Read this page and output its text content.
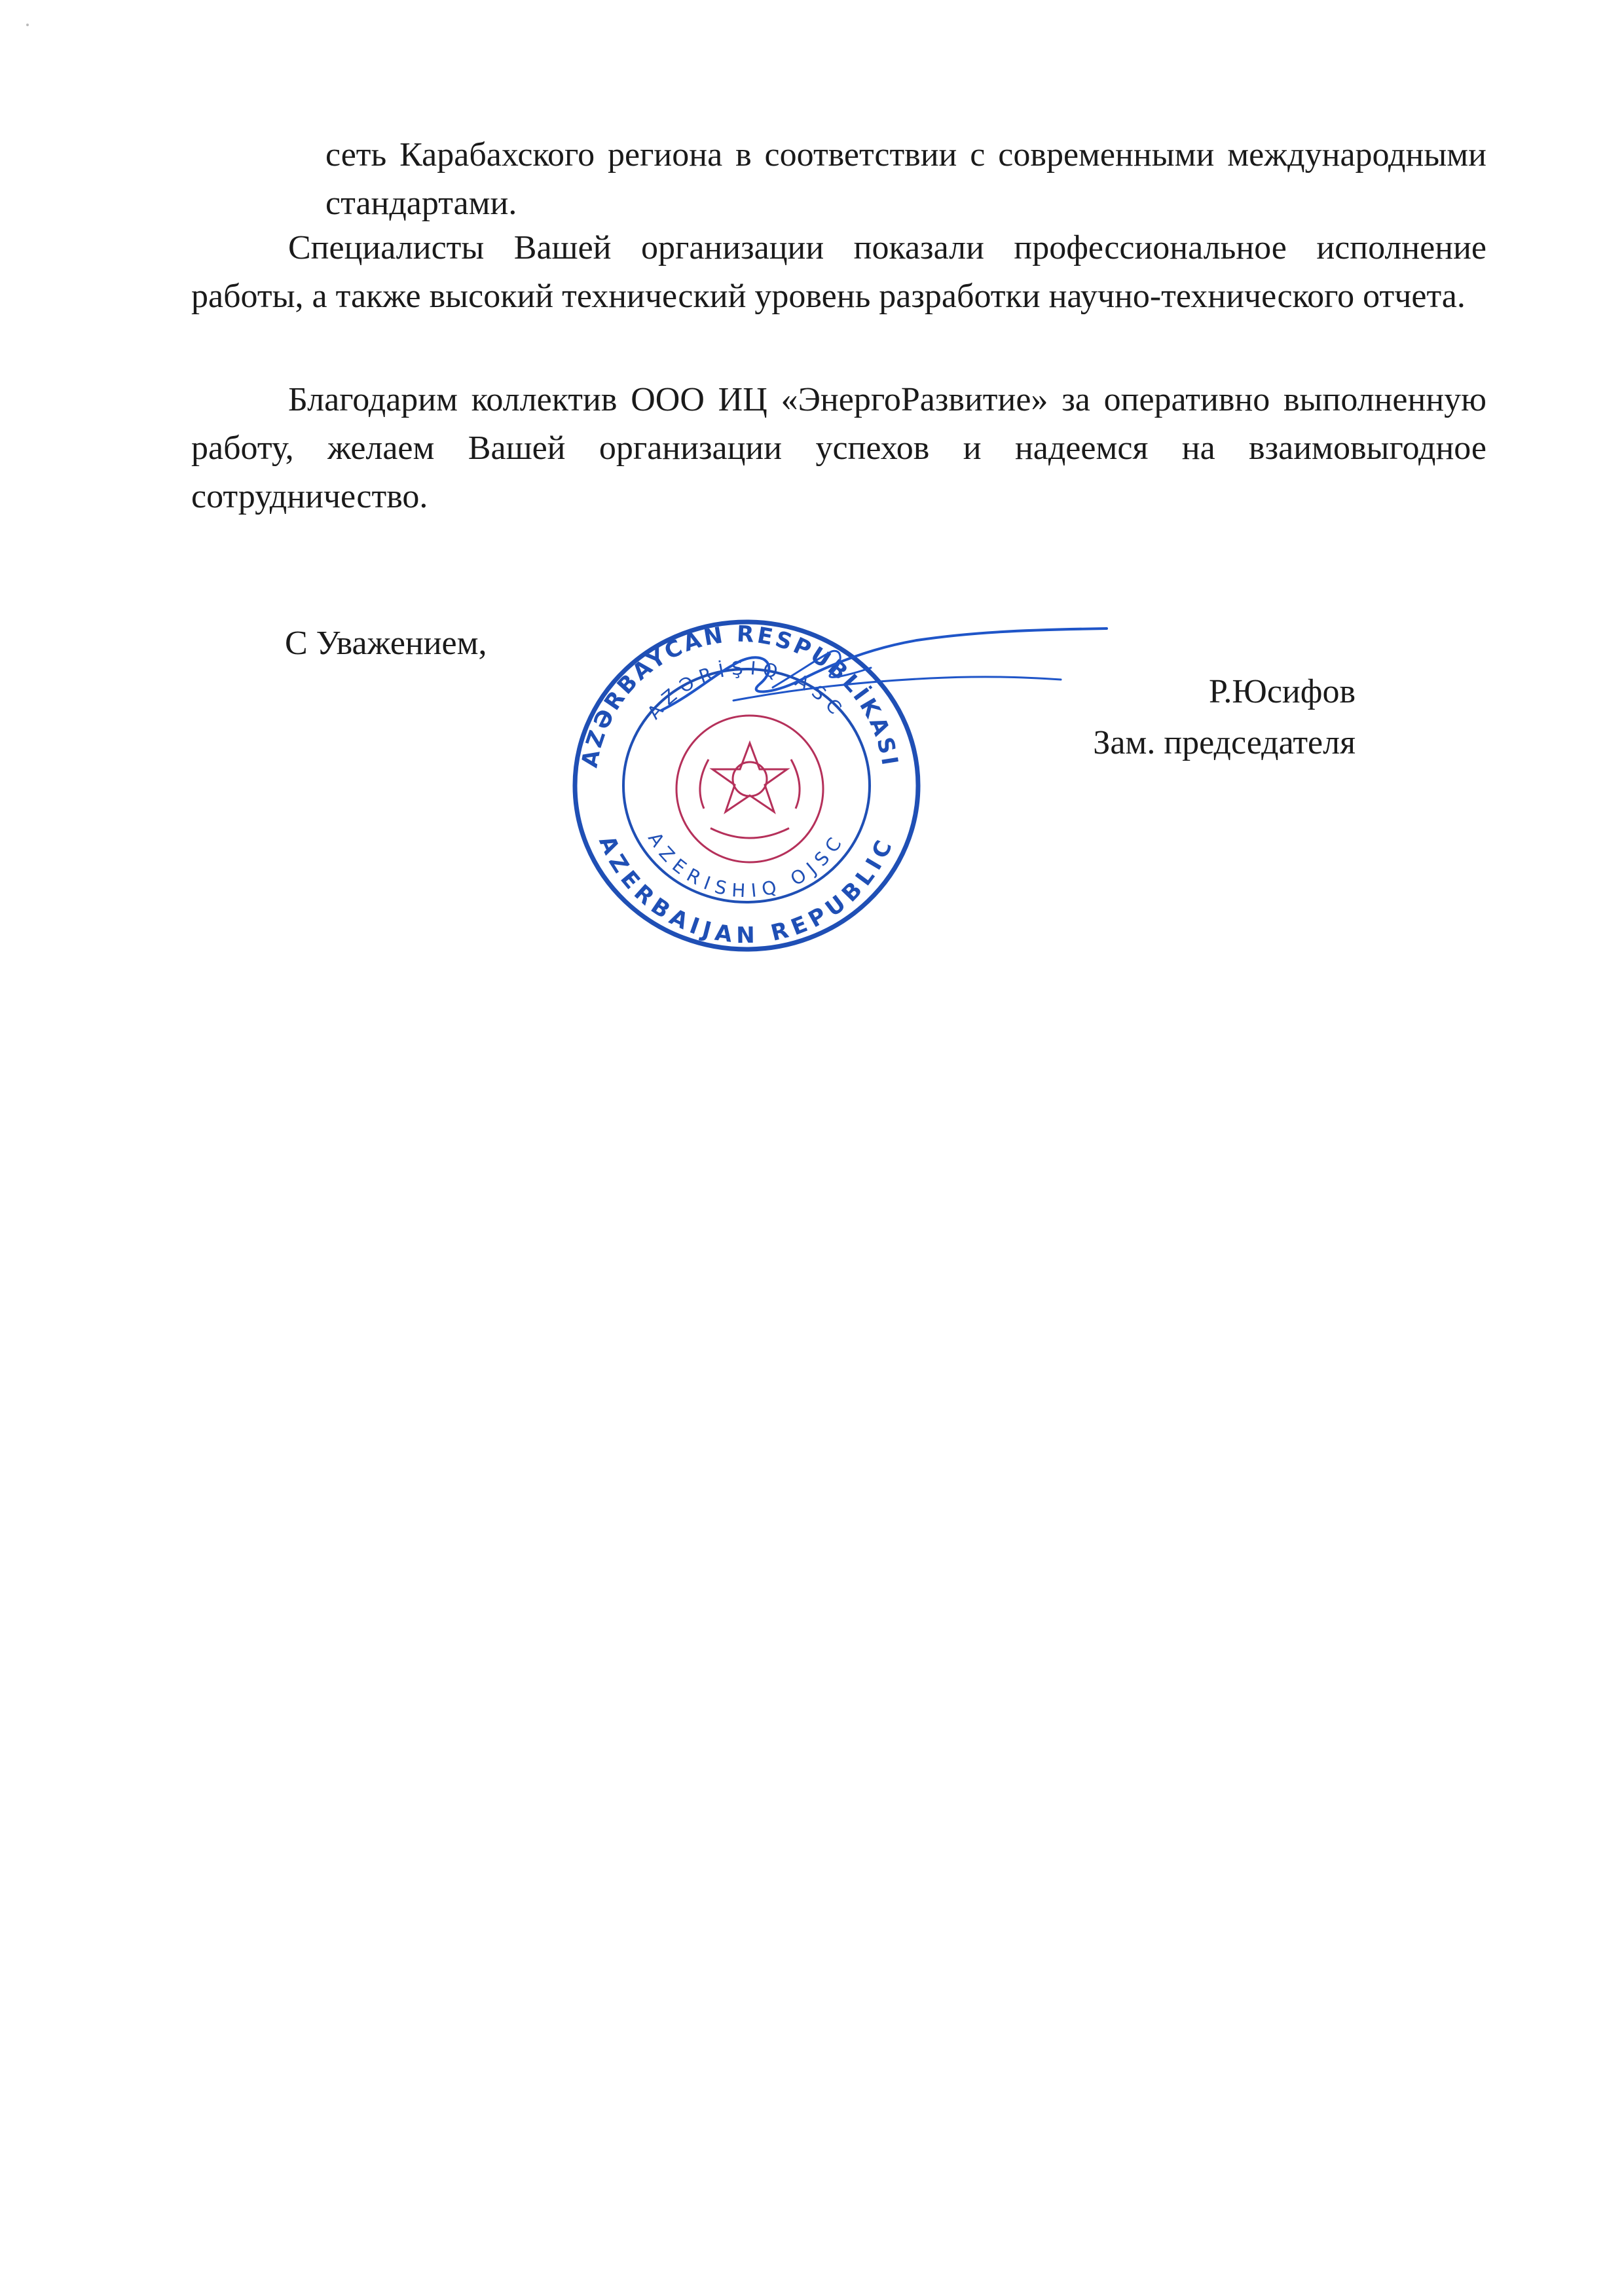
сеть Карабахского региона в соответствии с современными международными стандартами.

Специалисты Вашей организации показали профессиональное исполнение работы, а также высокий технический уровень разработки научно-технического отчета.

Благодарим коллектив ООО ИЦ «ЭнергоРазвитие» за оперативно выполненную работу, желаем Вашей организации успехов и надеемся на взаимовыгодное сотрудничество.

С Уважением,
AZƏRBAYCAN RESPUBLİKASI
AZƏRİŞIQ ASC
AZERISHIQ OJSC
AZERBAIJAN REPUBLIC
Р.Юсифов
Зам. председателя
